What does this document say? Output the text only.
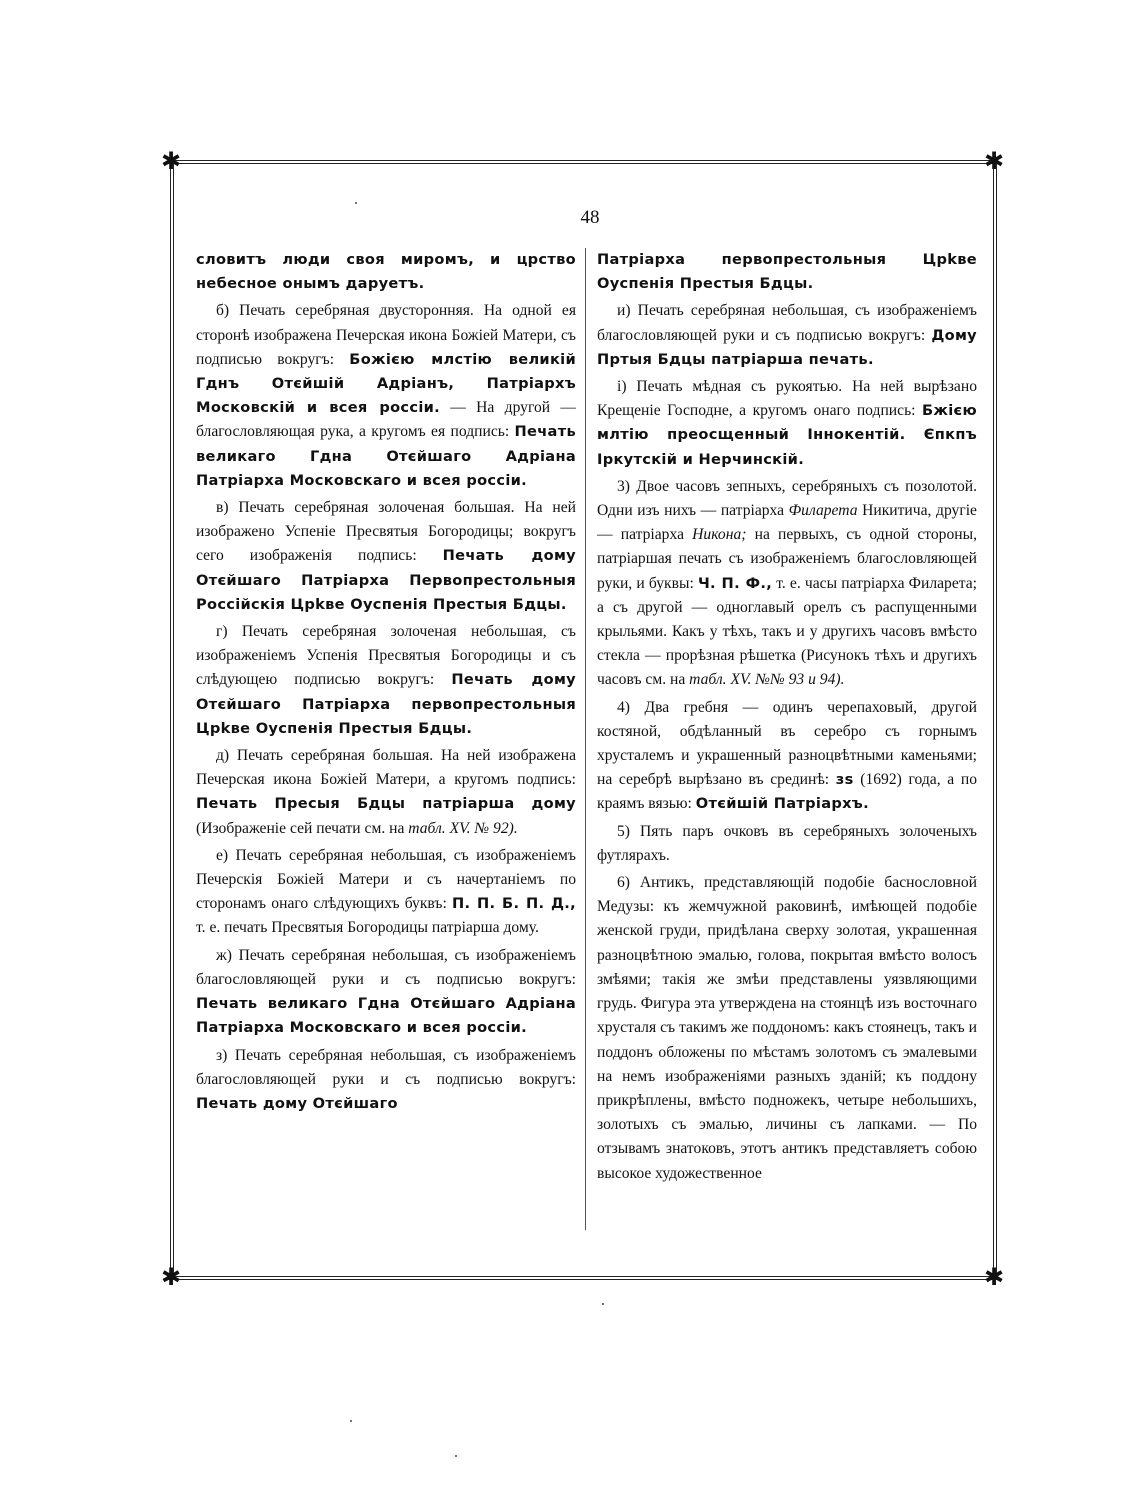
✱	✱
✱	✱
48

словитъ люди своя миромъ, и црство небесное онымъ даруетъ.

б) Печать серебряная двусторонняя. На одной ея сторонѣ изображена Печерская икона Божіей Матери, съ подписью вокругъ: Божією млстію великій Гднъ Отєйшій Адріанъ, Патріархъ Московскій и всея россіи. — На другой — благословляющая рука, а кругомъ ея подпись: Печать великаго Гдна Отєйшаго Адріана Патріарха Московскаго и всея россіи.

в) Печать серебряная золоченая большая. На ней изображено Успеніе Пресвятыя Богородицы; вокругъ сего изображенія подпись: Печать дому Отєйшаго Патріарха Первопрестольныя Россійскія Црkве Оуспенія Престыя Бдцы.

г) Печать серебряная золоченая небольшая, съ изображеніемъ Успенія Пресвятыя Богородицы и съ слѣдующею подписью вокругъ: Печать дому Отєйшаго Патріарха первопрестольныя Црkве Оуспенія Престыя Бдцы.

д) Печать серебряная большая. На ней изображена Печерская икона Божіей Матери, а кругомъ подпись: Печать Пресыя Бдцы патріарша дому (Изображеніе сей печати см. на табл. XV. № 92).

е) Печать серебряная небольшая, съ изображеніемъ Печерскія Божіей Матери и съ начертаніемъ по сторонамъ онаго слѣдующихъ буквъ: П. П. Б. П. Д., т. е. печать Пресвятыя Богородицы патріарша дому.

ж) Печать серебряная небольшая, съ изображеніемъ благословляющей руки и съ подписью вокругъ: Печать великаго Гдна Отєйшаго Адріана Патріарха Московскаго и всея россіи.

з) Печать серебряная небольшая, съ изображеніемъ благословляющей руки и съ подписью вокругъ: Печать дому Отєйшаго

Патріарха первопрестольныя Црkве Оуспенія Престыя Бдцы.

и) Печать серебряная небольшая, съ изображеніемъ благословляющей руки и съ подписью вокругъ: Дому Пртыя Бдцы патріарша печать.

і) Печать мѣдная съ рукоятью. На ней вырѣзано Крещеніе Господне, а кругомъ онаго подпись: Бжією млтію преосщенный Іннокентій. Єпкпъ Іркутскій и Нерчинскій.

3) Двое часовъ зепныхъ, серебряныхъ съ позолотой. Одни изъ нихъ — патріарха Филарета Никитича, другіе — патріарха Никона; на первыхъ, съ одной стороны, патріаршая печать съ изображеніемъ благословляющей руки, и буквы: Ч. П. Ф., т. е. часы патріарха Филарета; а съ другой — одноглавый орелъ съ распущенными крыльями. Какъ у тѣхъ, такъ и у другихъ часовъ вмѣсто стекла — прорѣзная рѣшетка (Рисунокъ тѣхъ и другихъ часовъ см. на табл. XV. №№ 93 и 94).

4) Два гребня — одинъ черепаховый, другой костяной, обдѣланный въ серебро съ горнымъ хрусталемъ и украшенный разноцвѣтными каменьями; на серебрѣ вырѣзано въ срединѣ: зѕ (1692) года, а по краямъ вязью: Отєйшій Патріархъ.

5) Пять паръ очковъ въ серебряныхъ золоченыхъ футлярахъ.

6) Антикъ, представляющій подобіе баснословной Медузы: къ жемчужной раковинѣ, имѣющей подобіе женской груди, придѣлана сверху золотая, украшенная разноцвѣтною эмалью, голова, покрытая вмѣсто волосъ змѣями; такія же змѣи представлены уязвляющими грудь. Фигура эта утверждена на стоянцѣ изъ восточнаго хрусталя съ такимъ же поддономъ: какъ стоянецъ, такъ и поддонъ обложены по мѣстамъ золотомъ съ эмалевыми на немъ изображеніями разныхъ зданій; къ поддону прикрѣплены, вмѣсто подножекъ, четыре небольшихъ, золотыхъ съ эмалью, личины съ лапками. — По отзывамъ знатоковъ, этотъ антикъ представляетъ собою высокое художественное
